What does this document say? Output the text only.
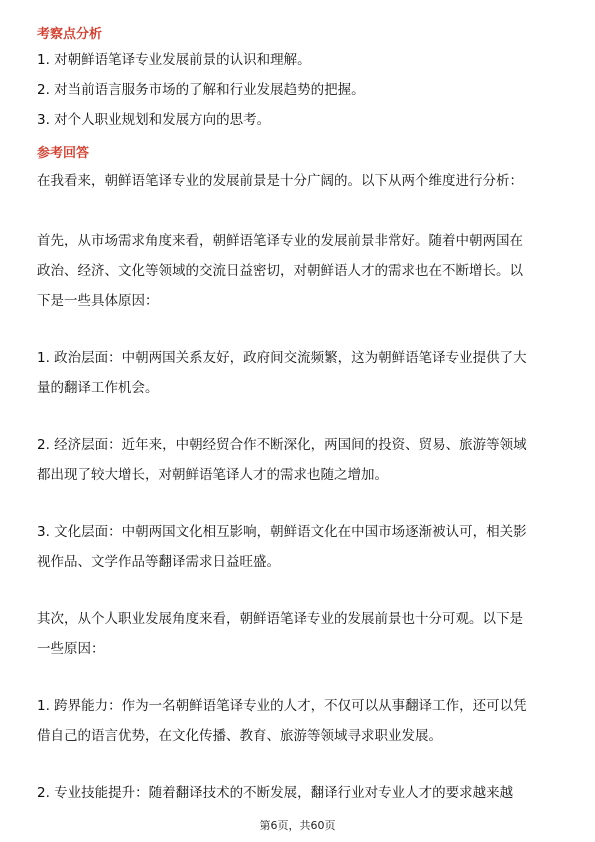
考察点分析
1. 对朝鲜语笔译专业发展前景的认识和理解。
2. 对当前语言服务市场的了解和行业发展趋势的把握。
3. 对个人职业规划和发展方向的思考。
参考回答
在我看来，朝鲜语笔译专业的发展前景是十分广阔的。以下从两个维度进行分析：
首先，从市场需求角度来看，朝鲜语笔译专业的发展前景非常好。随着中朝两国在
政治、经济、文化等领域的交流日益密切，对朝鲜语人才的需求也在不断增长。以
下是一些具体原因：
1. 政治层面：中朝两国关系友好，政府间交流频繁，这为朝鲜语笔译专业提供了大
量的翻译工作机会。
2. 经济层面：近年来，中朝经贸合作不断深化，两国间的投资、贸易、旅游等领域
都出现了较大增长，对朝鲜语笔译人才的需求也随之增加。
3. 文化层面：中朝两国文化相互影响，朝鲜语文化在中国市场逐渐被认可，相关影
视作品、文学作品等翻译需求日益旺盛。
其次，从个人职业发展角度来看，朝鲜语笔译专业的发展前景也十分可观。以下是
一些原因：
1. 跨界能力：作为一名朝鲜语笔译专业的人才，不仅可以从事翻译工作，还可以凭
借自己的语言优势，在文化传播、教育、旅游等领域寻求职业发展。
2. 专业技能提升：随着翻译技术的不断发展，翻译行业对专业人才的要求越来越
第6页，共60页
